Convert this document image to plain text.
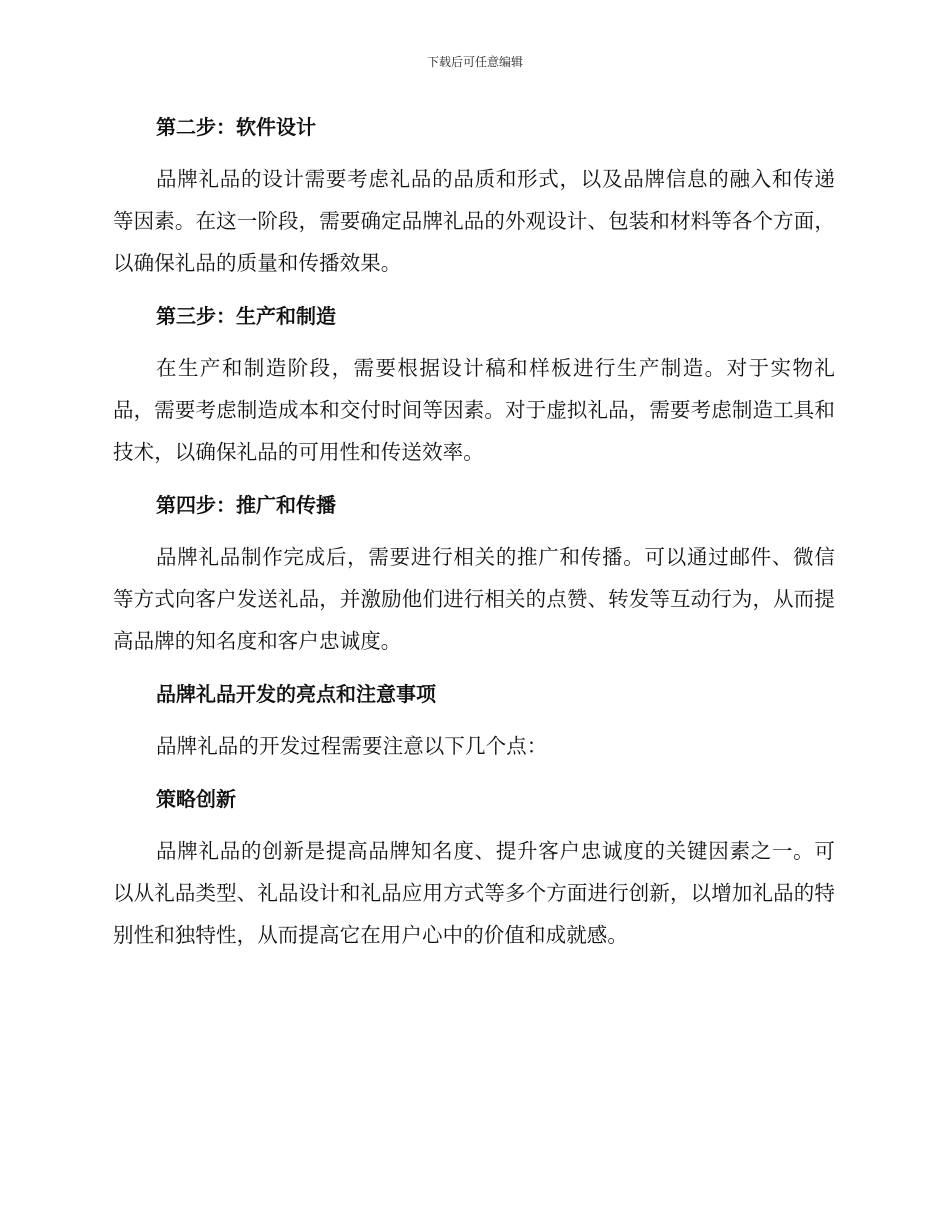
下载后可任意编辑
第二步：软件设计

品牌礼品的设计需要考虑礼品的品质和形式，以及品牌信息的融入和传递等因素。在这一阶段，需要确定品牌礼品的外观设计、包装和材料等各个方面，以确保礼品的质量和传播效果。

第三步：生产和制造

在生产和制造阶段，需要根据设计稿和样板进行生产制造。对于实物礼品，需要考虑制造成本和交付时间等因素。对于虚拟礼品，需要考虑制造工具和技术，以确保礼品的可用性和传送效率。

第四步：推广和传播

品牌礼品制作完成后，需要进行相关的推广和传播。可以通过邮件、微信等方式向客户发送礼品，并激励他们进行相关的点赞、转发等互动行为，从而提高品牌的知名度和客户忠诚度。

品牌礼品开发的亮点和注意事项

品牌礼品的开发过程需要注意以下几个点：

策略创新

品牌礼品的创新是提高品牌知名度、提升客户忠诚度的关键因素之一。可以从礼品类型、礼品设计和礼品应用方式等多个方面进行创新，以增加礼品的特别性和独特性，从而提高它在用户心中的价值和成就感。
